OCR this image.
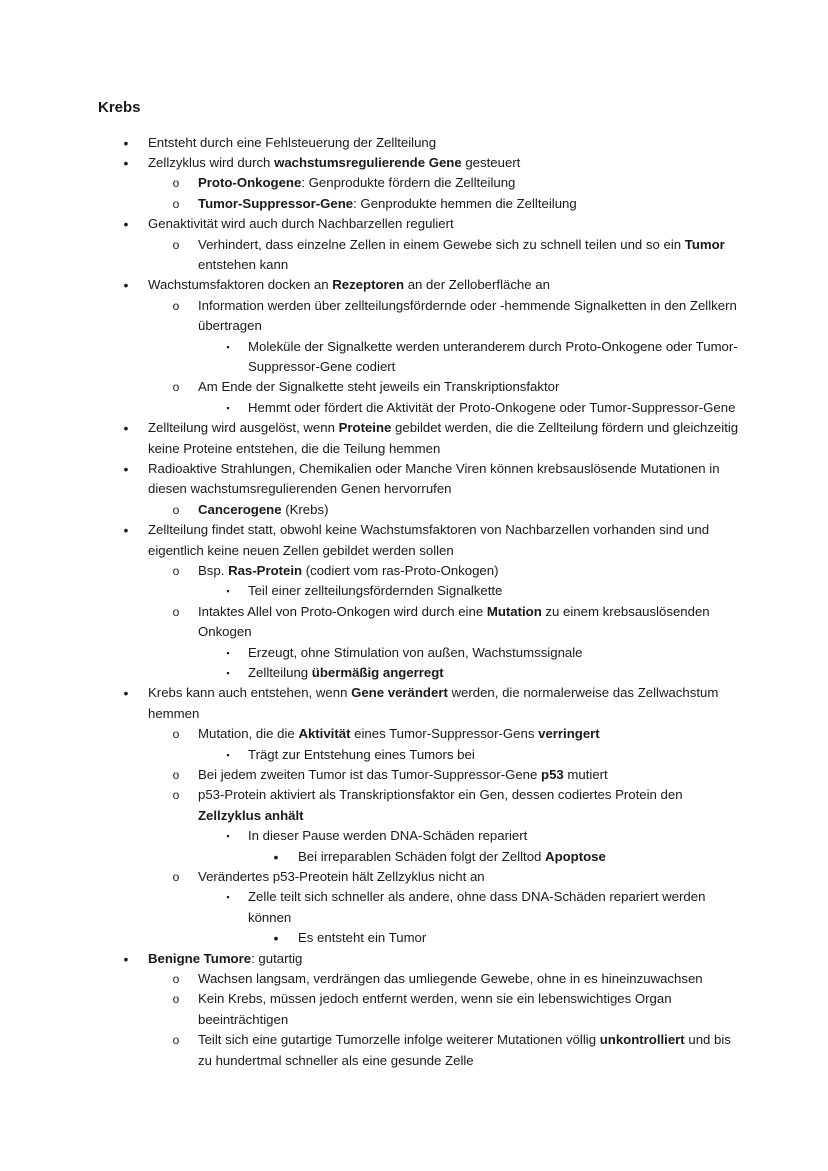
Krebs
• Entsteht durch eine Fehlsteuerung der Zellteilung
• Zellzyklus wird durch wachstumsregulierende Gene gesteuert
o Proto-Onkogene: Genprodukte fördern die Zellteilung
o Tumor-Suppressor-Gene: Genprodukte hemmen die Zellteilung
• Genaktivität wird auch durch Nachbarzellen reguliert
o Verhindert, dass einzelne Zellen in einem Gewebe sich zu schnell teilen und so ein Tumor entstehen kann
• Wachstumsfaktoren docken an Rezeptoren an der Zelloberfläche an
o Information werden über zellteilungsfördernde oder -hemmende Signalketten in den Zellkern übertragen
▪	Moleküle der Signalkette werden unteranderem durch Proto-Onkogene oder Tumor-Suppressor-Gene codiert
o Am Ende der Signalkette steht jeweils ein Transkriptionsfaktor
▪	Hemmt oder fördert die Aktivität der Proto-Onkogene oder Tumor-Suppressor-Gene
• Zellteilung wird ausgelöst, wenn Proteine gebildet werden, die die Zellteilung fördern und gleichzeitig keine Proteine entstehen, die die Teilung hemmen
• Radioaktive Strahlungen, Chemikalien oder Manche Viren können krebsauslösende Mutationen in diesen wachstumsregulierenden Genen hervorrufen
o Cancerogene (Krebs)
• Zellteilung findet statt, obwohl keine Wachstumsfaktoren von Nachbarzellen vorhanden sind und eigentlich keine neuen Zellen gebildet werden sollen
o Bsp. Ras-Protein (codiert vom ras-Proto-Onkogen)
▪	Teil einer zellteilungsfördernden Signalkette
o Intaktes Allel von Proto-Onkogen wird durch eine Mutation zu einem krebsauslösenden Onkogen
▪	Erzeugt, ohne Stimulation von außen, Wachstumssignale
▪	Zellteilung übermäßig angerregt
• Krebs kann auch entstehen, wenn Gene verändert werden, die normalerweise das Zellwachstum hemmen
o Mutation, die die Aktivität eines Tumor-Suppressor-Gens verringert
▪	Trägt zur Entstehung eines Tumors bei
o Bei jedem zweiten Tumor ist das Tumor-Suppressor-Gene p53 mutiert
o p53-Protein aktiviert als Transkriptionsfaktor ein Gen, dessen codiertes Protein den Zellzyklus anhält
▪	In dieser Pause werden DNA-Schäden repariert
• Bei irreparablen Schäden folgt der Zelltod Apoptose
o Verändertes p53-Preotein hält Zellzyklus nicht an
▪	Zelle teilt sich schneller als andere, ohne dass DNA-Schäden repariert werden können
• Es entsteht ein Tumor
• Benigne Tumore: gutartig
o Wachsen langsam, verdrängen das umliegende Gewebe, ohne in es hineinzuwachsen
o Kein Krebs, müssen jedoch entfernt werden, wenn sie ein lebenswichtiges Organ beeinträchtigen
o Teilt sich eine gutartige Tumorzelle infolge weiterer Mutationen völlig unkontrolliert und bis zu hundertmal schneller als eine gesunde Zelle
